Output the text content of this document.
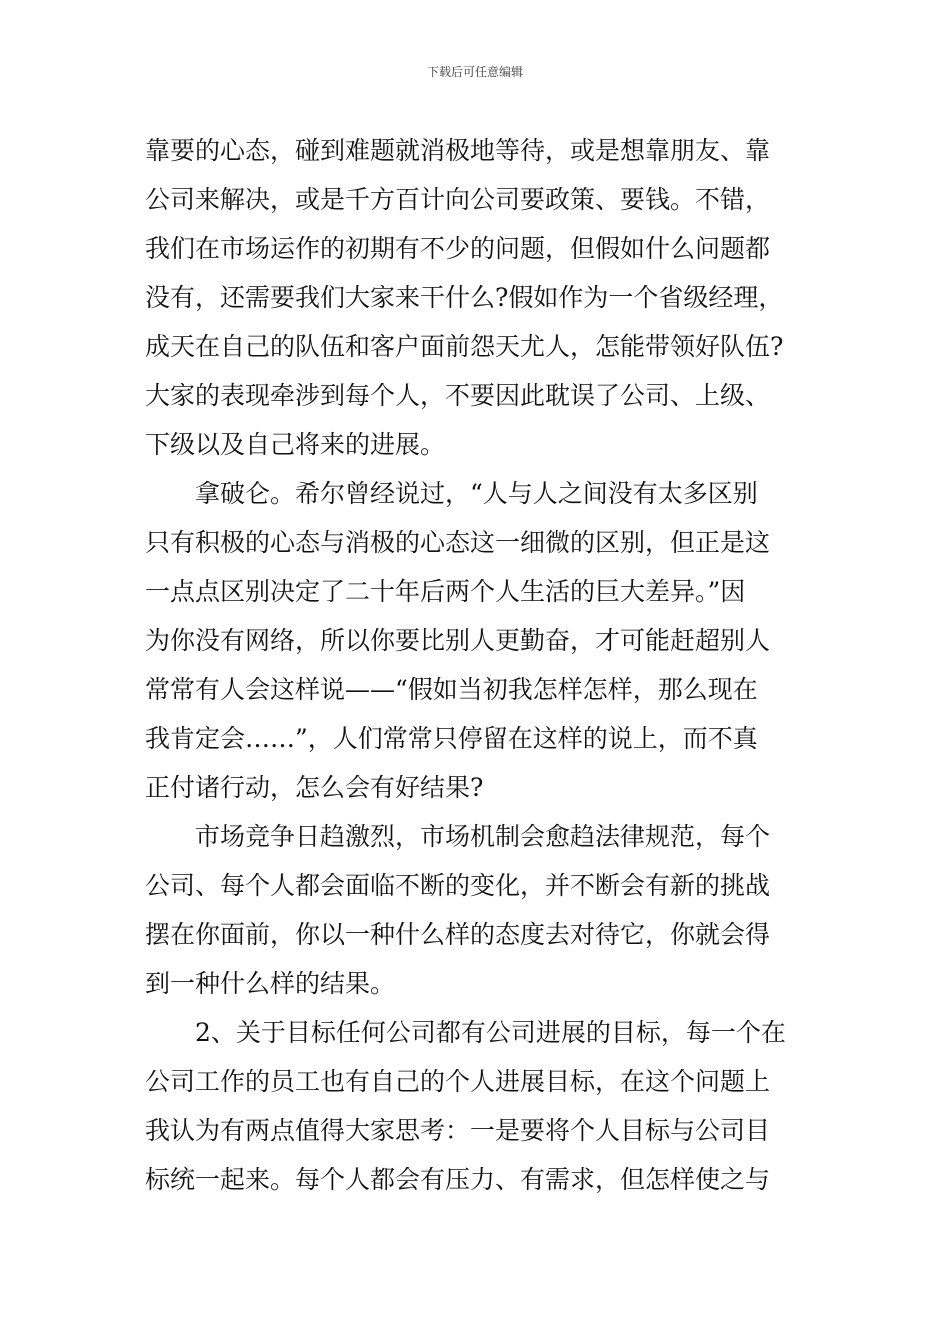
下载后可任意编辑
靠要的心态，碰到难题就消极地等待，或是想靠朋友、靠
公司来解决，或是千方百计向公司要政策、要钱。不错，
我们在市场运作的初期有不少的问题，但假如什么问题都
没有，还需要我们大家来干什么?假如作为一个省级经理，
成天在自己的队伍和客户面前怨天尤人，怎能带领好队伍?
大家的表现牵涉到每个人，不要因此耽误了公司、上级、
下级以及自己将来的进展。
拿破仑。希尔曾经说过，“人与人之间没有太多区别
只有积极的心态与消极的心态这一细微的区别，但正是这
一点点区别决定了二十年后两个人生活的巨大差异。”因
为你没有网络，所以你要比别人更勤奋，才可能赶超别人
常常有人会这样说——“假如当初我怎样怎样，那么现在
我肯定会……”，人们常常只停留在这样的说上，而不真
正付诸行动，怎么会有好结果?
市场竞争日趋激烈，市场机制会愈趋法律规范，每个
公司、每个人都会面临不断的变化，并不断会有新的挑战
摆在你面前，你以一种什么样的态度去对待它，你就会得
到一种什么样的结果。
2、关于目标任何公司都有公司进展的目标，每一个在
公司工作的员工也有自己的个人进展目标，在这个问题上
我认为有两点值得大家思考：一是要将个人目标与公司目
标统一起来。每个人都会有压力、有需求，但怎样使之与
